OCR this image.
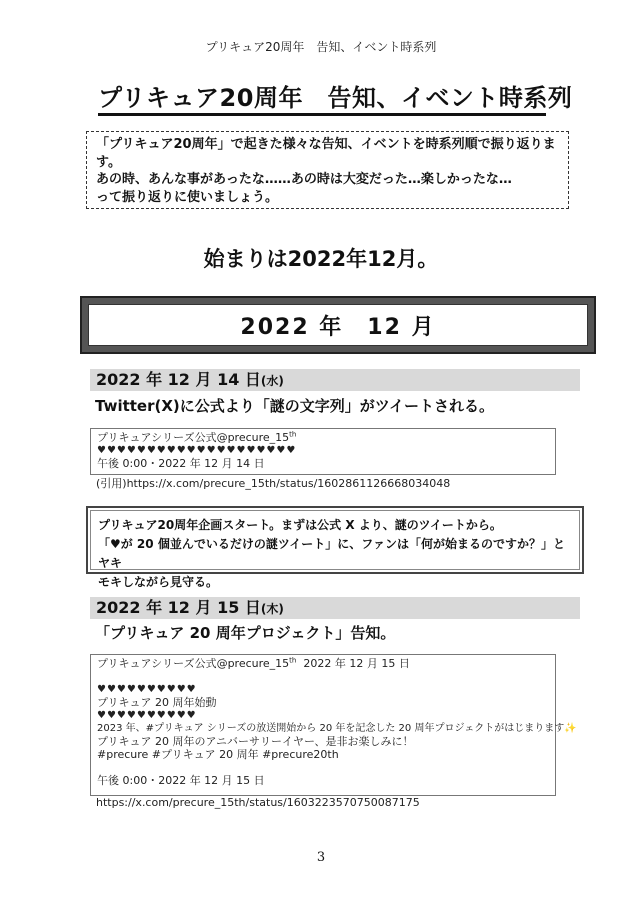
プリキュア20周年　告知、イベント時系列
プリキュア20周年　告知、イベント時系列

「プリキュア20周年」で起きた様々な告知、イベントを時系列順で振り返りま

す。

あの時、あんな事があったな……あの時は大変だった…楽しかったな…

って振り返りに使いましょう。

始まりは2022年12月。
2022 年　12 月
2022 年 12 月 14 日(水)
Twitter(X)に公式より「謎の文字列」がツイートされる。
プリキュアシリーズ公式@precure_15th
♥♥♥♥♥♥♥♥♥♥♥♥♥♥♥♥♥♥♥♥
午後 0:00・2022 年 12 月 14 日
(引用)https://x.com/precure_15th/status/1602861126668034048

プリキュア20周年企画スタート。まずは公式 X より、謎のツイートから。

「♥が 20 個並んでいるだけの謎ツイート」に、ファンは「何が始まるのですか？」とヤキ

モキしながら見守る。

2022 年 12 月 15 日(木)
「プリキュア 20 周年プロジェクト」告知。
プリキュアシリーズ公式@precure_15th 2022 年 12 月 15 日
♥♥♥♥♥♥♥♥♥♥
プリキュア 20 周年始動
♥♥♥♥♥♥♥♥♥♥
2023 年、#プリキュア シリーズの放送開始から 20 年を記念した 20 周年プロジェクトがはじまります✨
プリキュア 20 周年のアニバーサリーイヤー、是非お楽しみに！
#precure #プリキュア 20 周年 #precure20th
午後 0:00・2022 年 12 月 15 日
https://x.com/precure_15th/status/1603223570750087175
3
